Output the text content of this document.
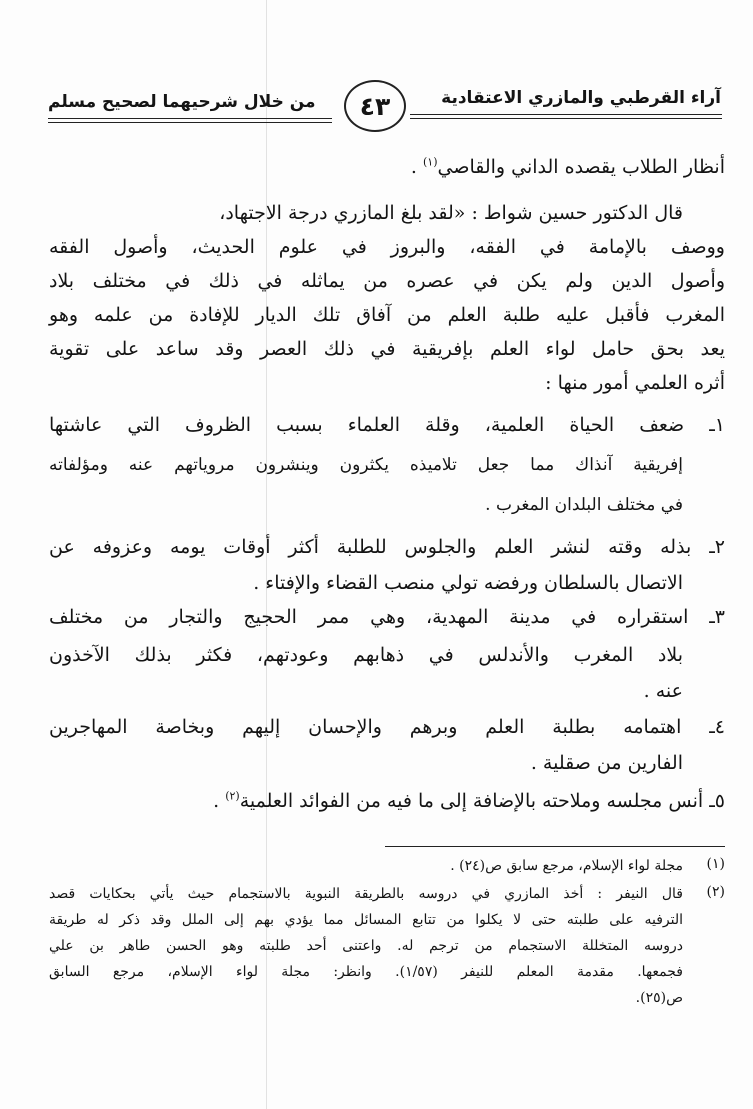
آراء القرطبي والمازري الاعتقادية
من خلال شرحيهما لصحيح مسلم	٤٣
أنظار الطلاب يقصده الداني والقاصي$^{(١)}$ .
قال الدكتور حسين شواط : «لقد بلغ المازري درجة الاجتهاد،
ووصف بالإمامة في الفقه، والبروز في علوم الحديث، وأصول الفقه
وأصول الدين ولم يكن في عصره من يماثله في ذلك في مختلف بلاد
المغرب فأقبل عليه طلبة العلم من آفاق تلك الديار للإفادة من علمه وهو
يعد بحق حامل لواء العلم بإفريقية في ذلك العصر وقد ساعد على تقوية
أثره العلمي أمور منها :
١ـ ضعف الحياة العلمية، وقلة العلماء بسبب الظروف التي عاشتها
إفريقية آنذاك مما جعل تلاميذه يكثرون وينشرون مروياتهم عنه ومؤلفاته
في مختلف البلدان المغرب .
٢ـ بذله وقته لنشر العلم والجلوس للطلبة أكثر أوقات يومه وعزوفه عن
الاتصال بالسلطان ورفضه تولي منصب القضاء والإفتاء .
٣ـ استقراره في مدينة المهدية، وهي ممر الحجيج والتجار من مختلف
بلاد المغرب والأندلس في ذهابهم وعودتهم، فكثر بذلك الآخذون
عنه .
٤ـ اهتمامه بطلبة العلم وبرهم والإحسان إليهم وبخاصة المهاجرين
الفارين من صقلية .
٥ـ أنس مجلسه وملاحته بالإضافة إلى ما فيه من الفوائد العلمية$^{(٢)}$ .
(١)
مجلة لواء الإسلام، مرجع سابق ص(٢٤) .
(٢)
قال النيفر : أخذ المازري في دروسه بالطريقة النبوية بالاستجمام حيث يأتي بحكايات قصد
الترفيه على طلبته حتى لا يكلوا من تتابع المسائل مما يؤدي بهم إلى الملل وقد ذكر له طريقة
دروسه المتخللة الاستجمام من ترجم له. واعتنى أحد طلبته وهو الحسن طاهر بن علي
فجمعها. مقدمة المعلم للنيفر (١/٥٧). وانظر: مجلة لواء الإسلام، مرجع السابق
ص(٢٥).
